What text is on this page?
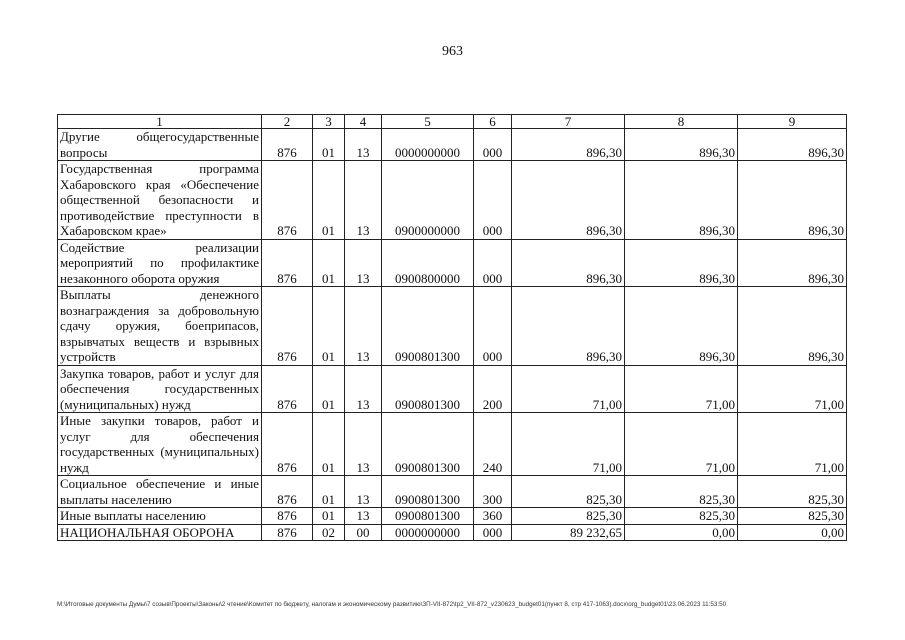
963
1	2	3	4	5	6	7	8	9
Другие общегосударственные вопросы	876	01	13	0000000000	000	896,30	896,30	896,30
Государственная программа Хабаровского края «Обеспечение общественной безопасности и противодействие преступности в Хабаровском крае»	876	01	13	0900000000	000	896,30	896,30	896,30
Содействие реализации мероприятий по профилактике незаконного оборота оружия	876	01	13	0900800000	000	896,30	896,30	896,30
Выплаты денежного вознаграждения за добровольную сдачу оружия, боеприпасов, взрывчатых веществ и взрывных устройств	876	01	13	0900801300	000	896,30	896,30	896,30
Закупка товаров, работ и услуг для обеспечения государственных (муниципальных) нужд	876	01	13	0900801300	200	71,00	71,00	71,00
Иные закупки товаров, работ и услуг для обеспечения государственных (муниципальных) нужд	876	01	13	0900801300	240	71,00	71,00	71,00
Социальное обеспечение и иные выплаты населению	876	01	13	0900801300	300	825,30	825,30	825,30
Иные выплаты населению	876	01	13	0900801300	360	825,30	825,30	825,30
НАЦИОНАЛЬНАЯ ОБОРОНА	876	02	00	0000000000	000	89 232,65	0,00	0,00
M:\Итоговые документы Думы\7 созыв\Проекты\Законы\2 чтение\Комитет по бюджету, налогам и экономическому развитию\ЗП-VII-872\tp2_VII-872_v230623_budget01(пункт 8, стр 417-1063).docx\org_budget01\23.06.2023 11:53:50
